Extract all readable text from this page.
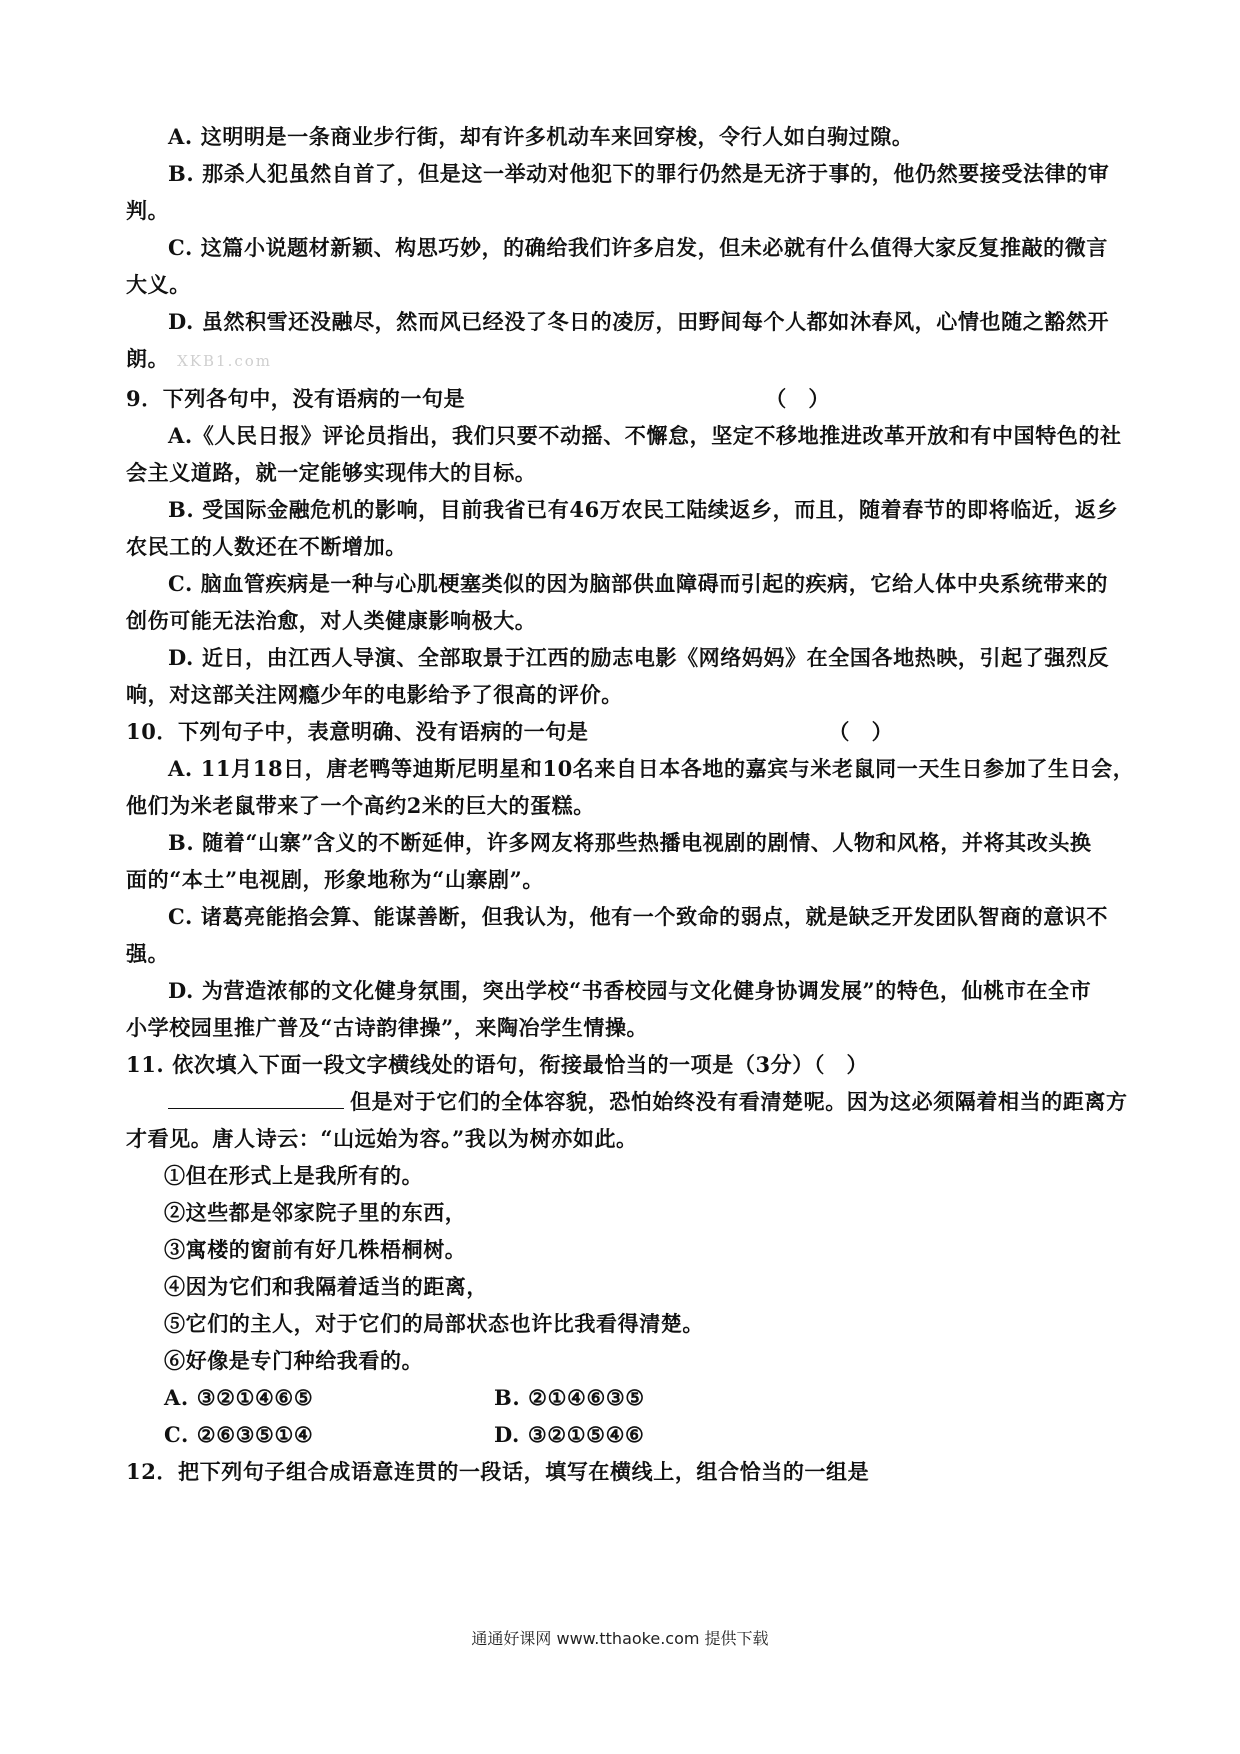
A. 这明明是一条商业步行街，却有许多机动车来回穿梭，令行人如白驹过隙。
B. 那杀人犯虽然自首了，但是这一举动对他犯下的罪行仍然是无济于事的，他仍然要接受法律的审
判。
C. 这篇小说题材新颖、构思巧妙，的确给我们许多启发，但未必就有什么值得大家反复推敲的微言
大义。
D. 虽然积雪还没融尽，然而风已经没了冬日的凌厉，田野间每个人都如沐春风，心情也随之豁然开
朗。 XKB1.com
9．下列各句中，没有语病的一句是	（　）
A.《人民日报》评论员指出，我们只要不动摇、不懈怠，坚定不移地推进改革开放和有中国特色的社
会主义道路，就一定能够实现伟大的目标。
B. 受国际金融危机的影响，目前我省已有46万农民工陆续返乡，而且，随着春节的即将临近，返乡
农民工的人数还在不断增加。
C. 脑血管疾病是一种与心肌梗塞类似的因为脑部供血障碍而引起的疾病，它给人体中央系统带来的
创伤可能无法治愈，对人类健康影响极大。
D. 近日，由江西人导演、全部取景于江西的励志电影《网络妈妈》在全国各地热映，引起了强烈反
响，对这部关注网瘾少年的电影给予了很高的评价。
10．下列句子中，表意明确、没有语病的一句是	（　）
A. 11月18日，唐老鸭等迪斯尼明星和10名来自日本各地的嘉宾与米老鼠同一天生日参加了生日会，
他们为米老鼠带来了一个高约2米的巨大的蛋糕。
B. 随着“山寨”含义的不断延伸，许多网友将那些热播电视剧的剧情、人物和风格，并将其改头换
面的“本土”电视剧，形象地称为“山寨剧”。
C. 诸葛亮能掐会算、能谋善断，但我认为，他有一个致命的弱点，就是缺乏开发团队智商的意识不
强。
D. 为营造浓郁的文化健身氛围，突出学校“书香校园与文化健身协调发展”的特色，仙桃市在全市
小学校园里推广普及“古诗韵律操”，来陶冶学生情操。
11. 依次填入下面一段文字横线处的语句，衔接最恰当的一项是（3分）（　）
但是对于它们的全体容貌，恐怕始终没有看清楚呢。因为这必须隔着相当的距离方
才看见。唐人诗云：“山远始为容。”我以为树亦如此。
①但在形式上是我所有的。
②这些都是邻家院子里的东西，
③寓楼的窗前有好几株梧桐树。
④因为它们和我隔着适当的距离，
⑤它们的主人，对于它们的局部状态也许比我看得清楚。
⑥好像是专门种给我看的。
A. ③②①④⑥⑤	B. ②①④⑥③⑤
C. ②⑥③⑤①④	D. ③②①⑤④⑥
12．把下列句子组合成语意连贯的一段话，填写在横线上，组合恰当的一组是
通通好课网 www.tthaoke.com 提供下载
